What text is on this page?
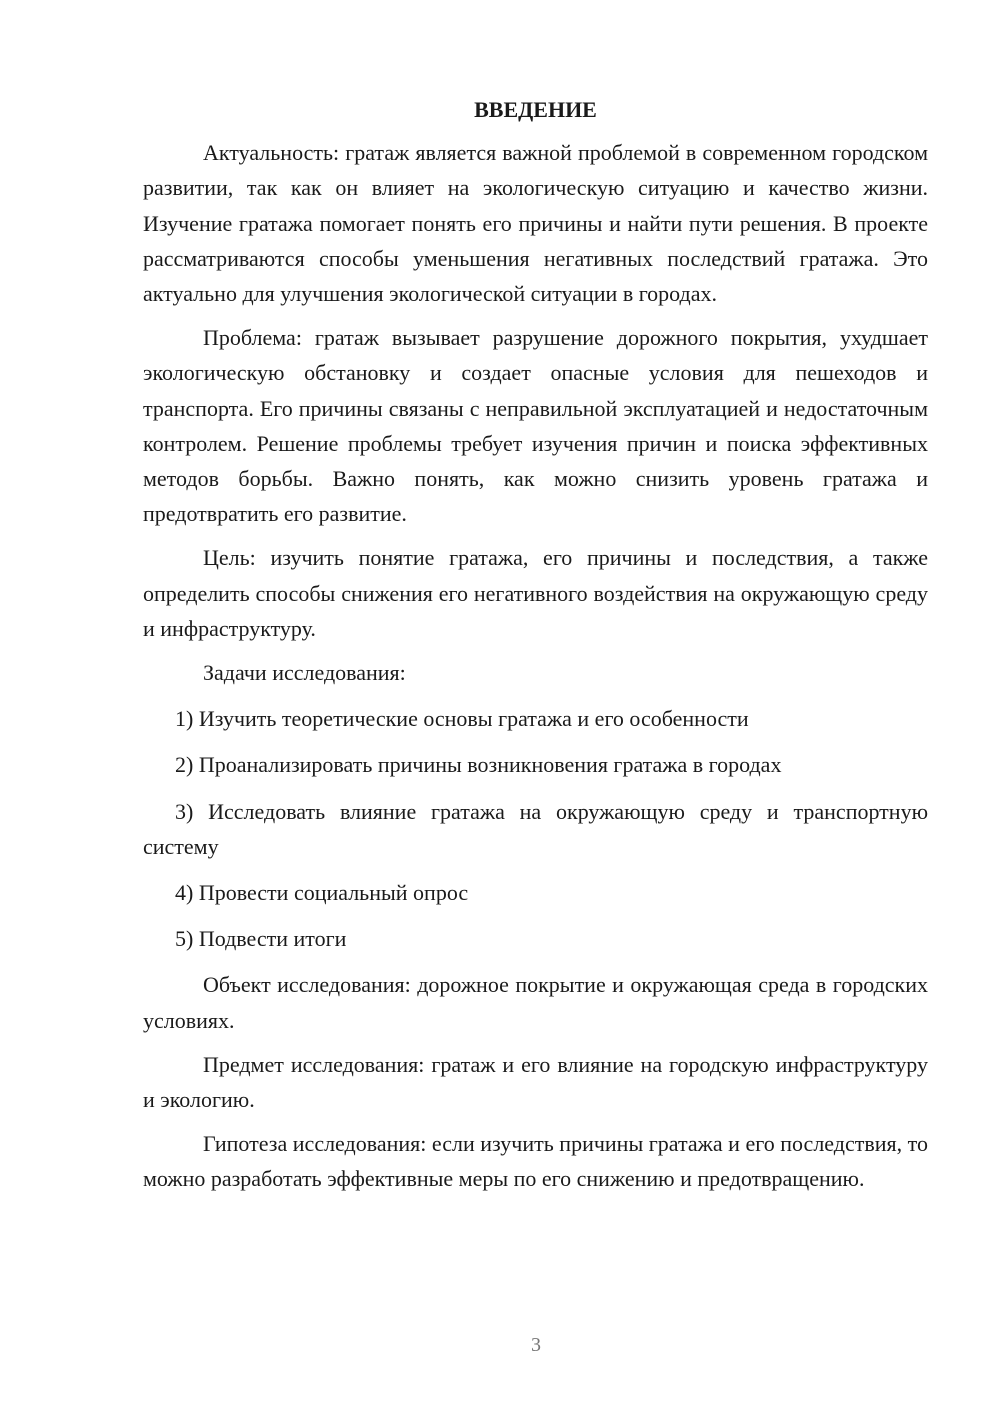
ВВЕДЕНИЕ

Актуальность: гратаж является важной проблемой в современном городском развитии, так как он влияет на экологическую ситуацию и качество жизни. Изучение гратажа помогает понять его причины и найти пути решения. В проекте рассматриваются способы уменьшения негативных последствий гратажа. Это актуально для улучшения экологической ситуации в городах.

Проблема: гратаж вызывает разрушение дорожного покрытия, ухудшает экологическую обстановку и создает опасные условия для пешеходов и транспорта. Его причины связаны с неправильной эксплуатацией и недостаточным контролем. Решение проблемы требует изучения причин и поиска эффективных методов борьбы. Важно понять, как можно снизить уровень гратажа и предотвратить его развитие.

Цель: изучить понятие гратажа, его причины и последствия, а также определить способы снижения его негативного воздействия на окружающую среду и инфраструктуру.

Задачи исследования:

1) Изучить теоретические основы гратажа и его особенности

2) Проанализировать причины возникновения гратажа в городах

3) Исследовать влияние гратажа на окружающую среду и транспортную систему

4) Провести социальный опрос

5) Подвести итоги

Объект исследования: дорожное покрытие и окружающая среда в городских условиях.

Предмет исследования: гратаж и его влияние на городскую инфраструктуру и экологию.

Гипотеза исследования: если изучить причины гратажа и его последствия, то можно разработать эффективные меры по его снижению и предотвращению.

3
